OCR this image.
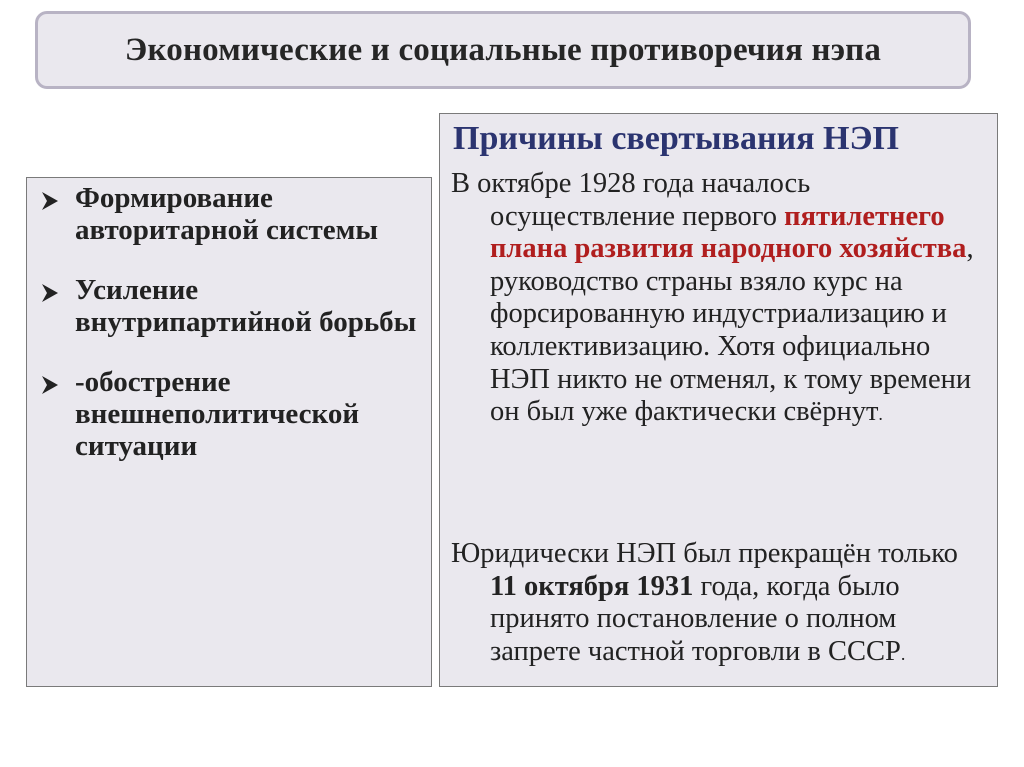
Экономические и социальные противоречия нэпа
Формирование авторитарной системы
Усиление внутрипартийной борьбы
-обострение внешнеполитической ситуации
Причины свертывания НЭП
В октябре 1928 года началось осуществление первого пятилетнего плана развития народного хозяйства, руководство страны взяло курс на форсированную индустриализацию и коллективизацию. Хотя официально НЭП никто не отменял, к тому времени он был уже фактически свёрнут.
Юридически НЭП был прекращён только 11 октября 1931 года, когда было принято постановление о полном запрете частной торговли в СССР.
